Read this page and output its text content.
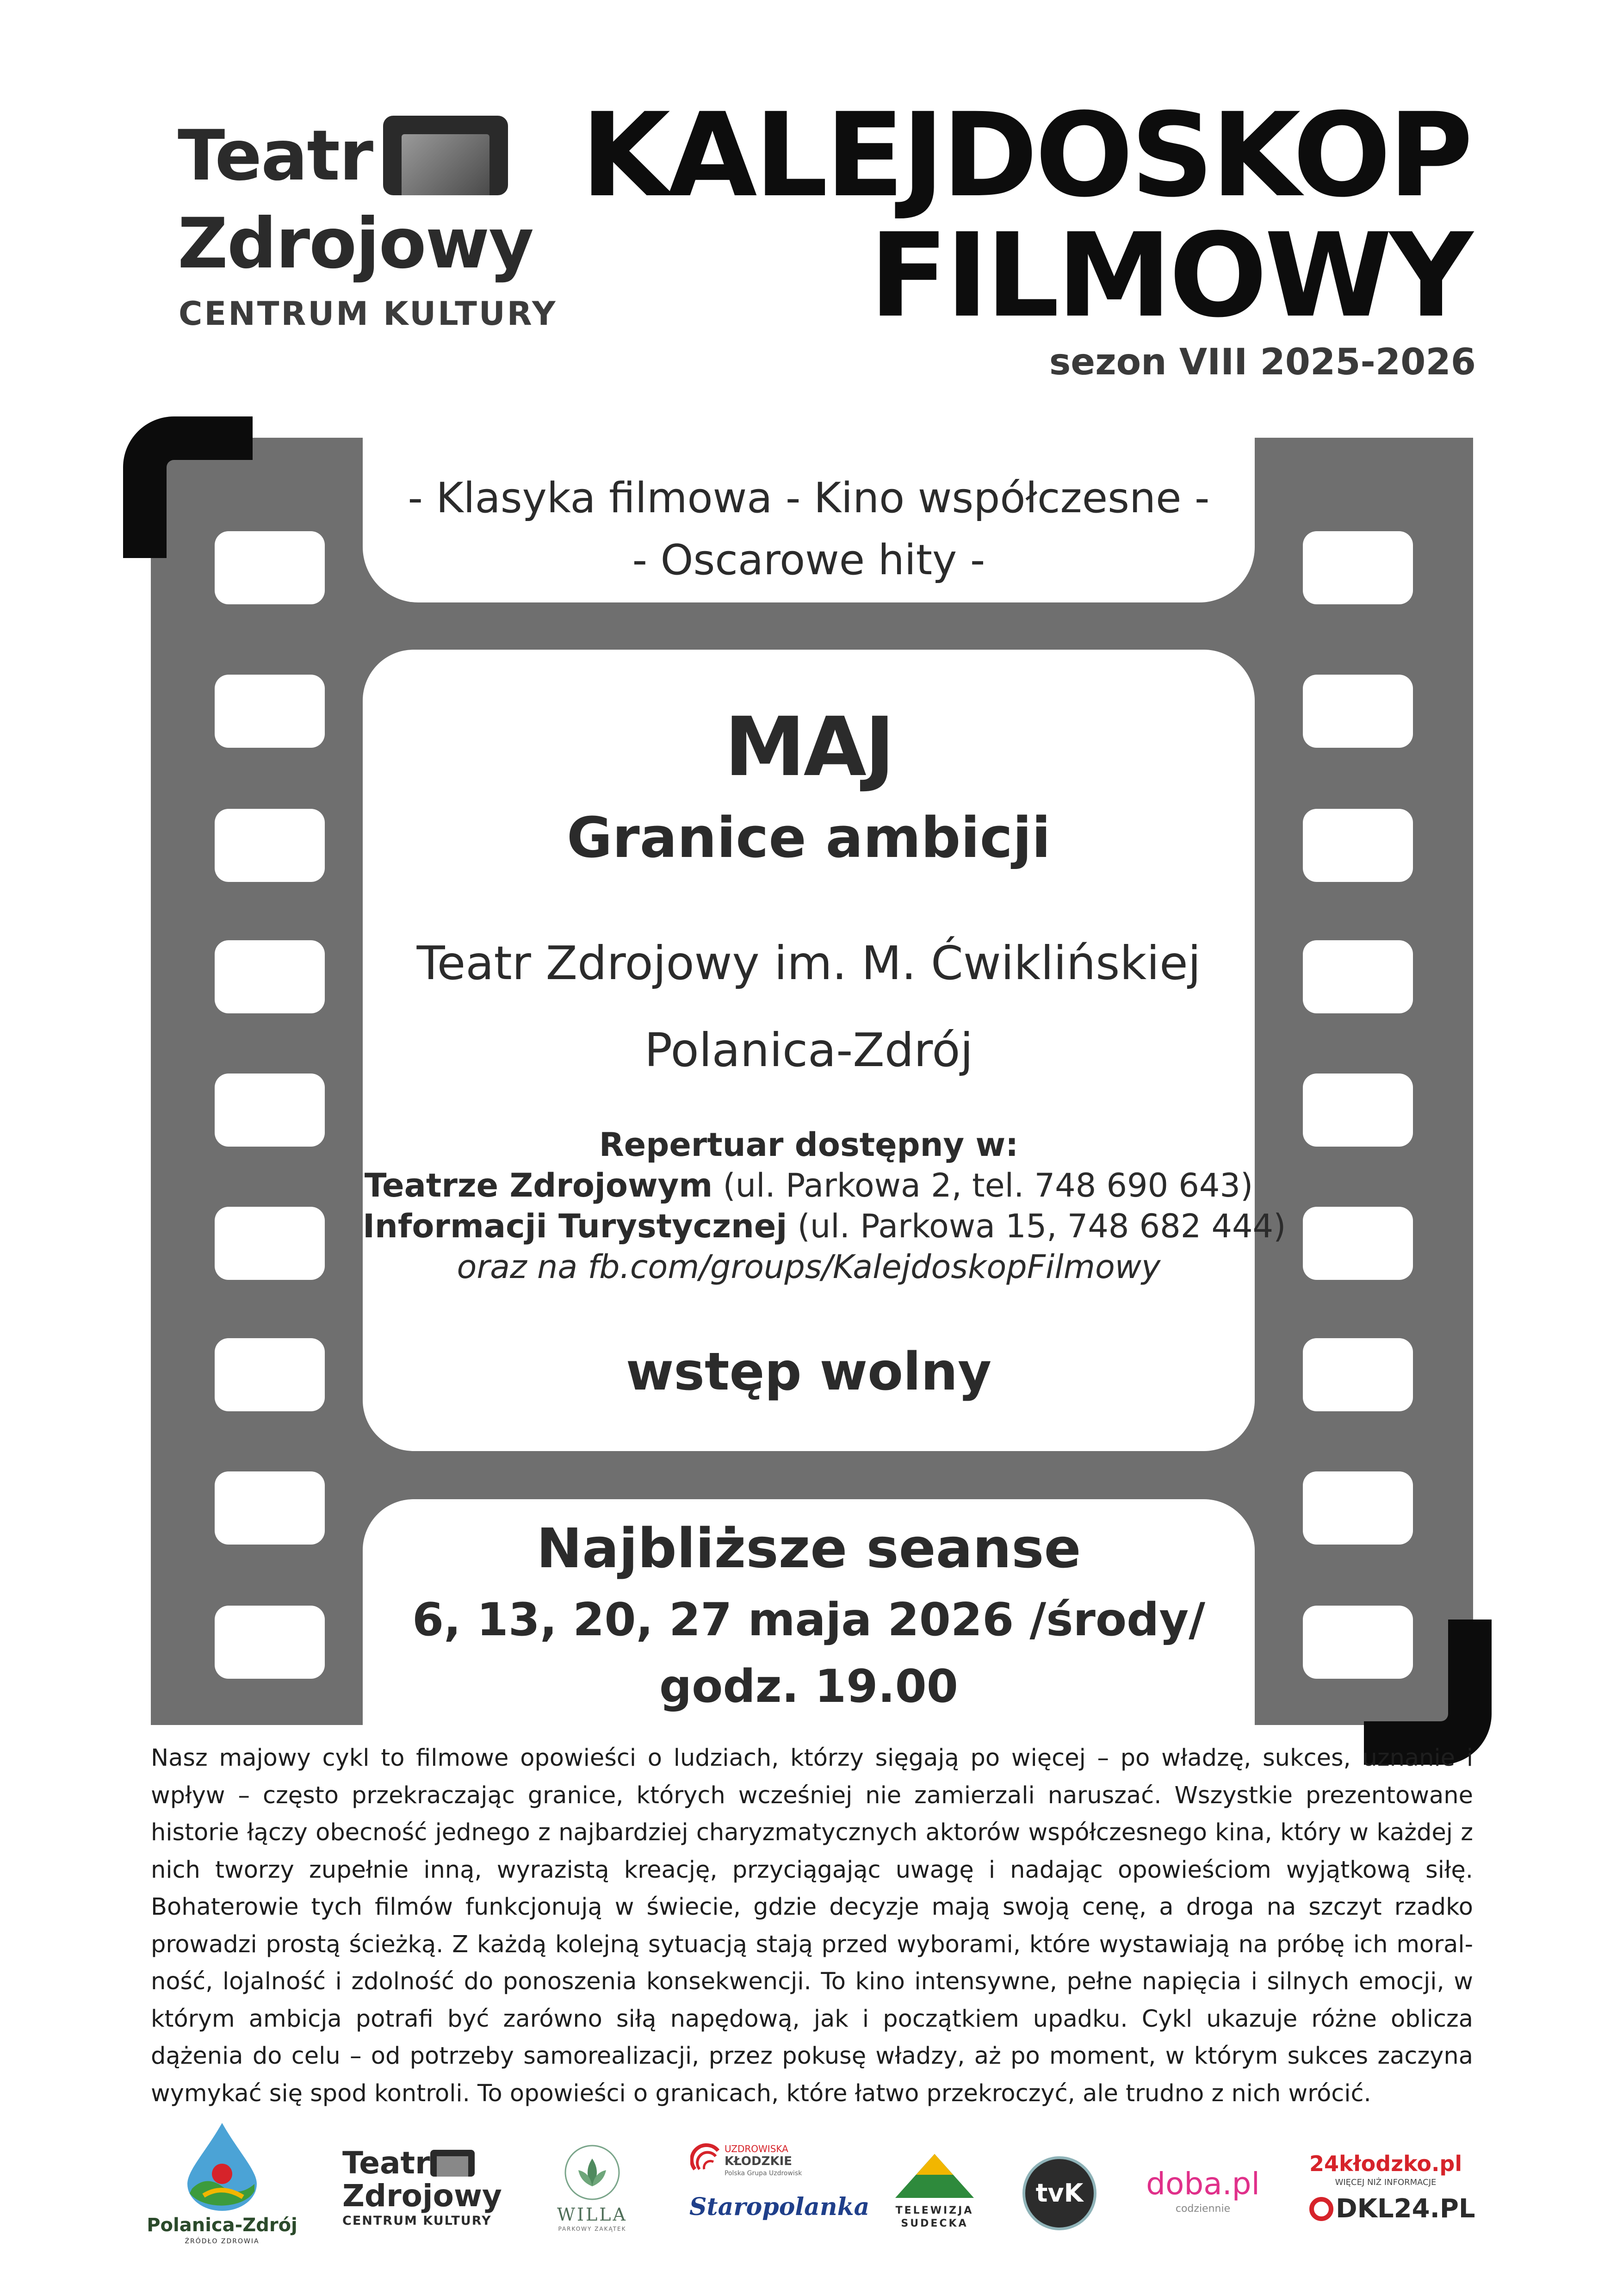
Teatr
Zdrojowy
CENTRUM KULTURY
KALEJDOSKOP
FILMOWY
sezon VIII 2025-2026
- Klasyka filmowa - Kino współczesne -
- Oscarowe hity -
MAJ
Granice ambicji
Teatr Zdrojowy im. M. Ćwiklińskiej
Polanica-Zdrój
Repertuar dostępny w:
Teatrze Zdrojowym (ul. Parkowa 2, tel. 748 690 643)
Informacji Turystycznej (ul. Parkowa 15, 748 682 444)
oraz na fb.com/groups/KalejdoskopFilmowy
wstęp wolny
Najbliższe seanse
6, 13, 20, 27 maja 2026 /środy/
godz. 19.00
Nasz majowy cykl to filmowe opowieści o ludziach, którzy sięgają po więcej – po władzę, sukces, uznanie i wpływ – często przekraczając granice, których wcześniej nie zamierzali naruszać. Wszystkie prezentowane historie łączy obecność jednego z najbardziej charyzmatycznych aktorów współczesnego kina, który w każdej z nich tworzy zupełnie inną, wyrazistą kreację, przyciągając uwagę i nadając opowieściom wyjątkową siłę. Bohaterowie tych filmów funkcjonują w świecie, gdzie decyzje mają swoją cenę, a droga na szczyt rzadko prowadzi prostą ścieżką. Z każdą kolejną sytuacją stają przed wyborami, które wystawiają na próbę ich moral-ność, lojalność i zdolność do ponoszenia konsekwencji. To kino intensywne, pełne napięcia i silnych emocji, w którym ambicja potrafi być zarówno siłą napędową, jak i początkiem upadku. Cykl ukazuje różne oblicza dążenia do celu – od potrzeby samorealizacji, przez pokusę władzy, aż po moment, w którym sukces zaczyna
wymykać się spod kontroli. To opowieści o granicach, które łatwo przekroczyć, ale trudno z nich wrócić.
Polanica-Zdrój
ŹRÓDŁO ZDROWIA
Teatr
Zdrojowy
CENTRUM KULTURY	WILLA
PARKOWY ZAKĄTEK
UZDROWISKA
KŁODZKIE
Polska Grupa Uzdrowisk
Staropolanka	TELEWIZJA
SUDECKA
tvK	doba.pl
codziennie
24kłodzko.pl
WIĘCEJ NIŻ INFORMACJE
DKL24.PL
